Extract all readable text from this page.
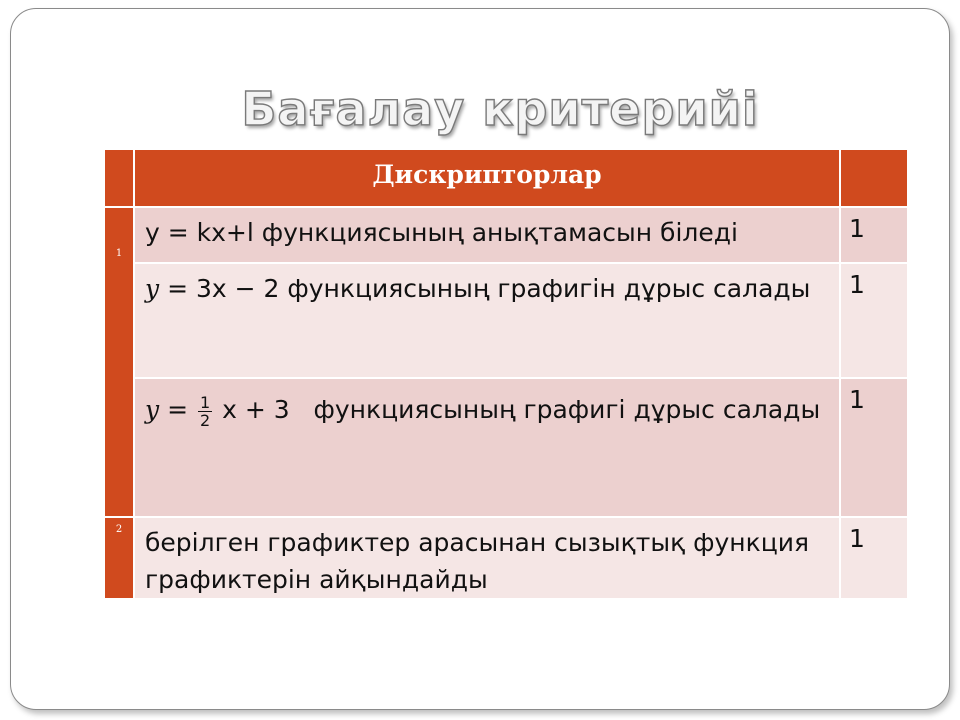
Бағалау критерийі
	Дискрипторлар	

1	y = kx+l функциясының анықтамасын біледі	1
	y = 3x − 2 функциясының графигін дұрыс салады	1
	$y = \frac{1}{2}$ x + 3 функциясының графигі дұрыс салады	1

2	берілген графиктер арасынан сызықтық функция графиктерін айқындайды	1
